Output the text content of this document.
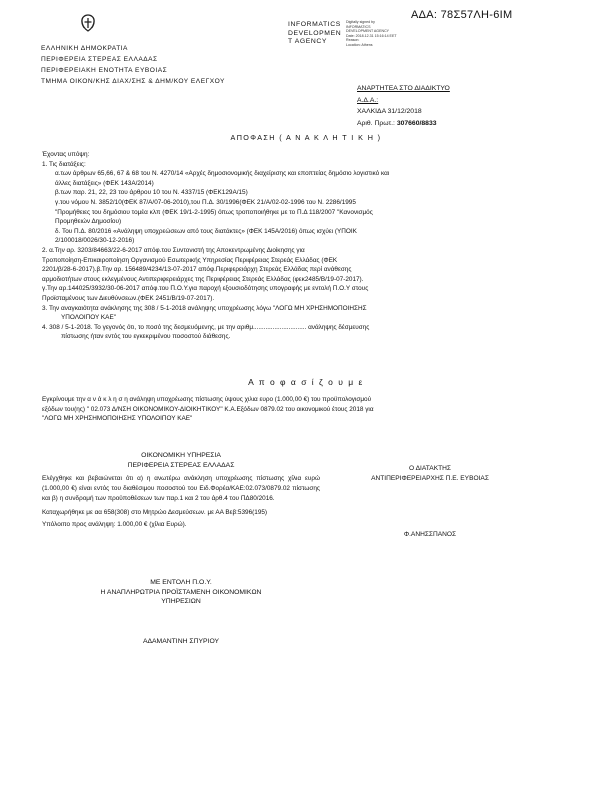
ΑΔΑ: 78Σ57ΛΗ-6ΙΜ
ΕΛΛΗΝΙΚΗ ΔΗΜΟΚΡΑΤΙΑ
ΠΕΡΙΦΕΡΕΙΑ ΣΤΕΡΕΑΣ ΕΛΛΑΔΑΣ
ΠΕΡΙΦΕΡΕΙΑΚΗ ΕΝΟΤΗΤΑ ΕΥΒΟΙΑΣ
ΤΜΗΜΑ ΟΙΚΟΝ/ΚΗΣ ΔΙΑΧ/ΣΗΣ & ΔΗΜ/ΚΟΥ ΕΛΕΓΧΟΥ
INFORMATICS
DEVELOPMEN
T AGENCY
Digitally signed by
INFORMATICS
DEVELOPMENT AGENCY
Date: 2018.12.31 15:16:14 EET
Reason:
Location: Athens
ΑΝΑΡΤΗΤΕΑ ΣΤΟ ΔΙΑΔΙΚΤΥΟ
Α.Δ.Α.:
ΧΑΛΚΙΔΑ 31/12/2018
Αριθ. Πρωτ.: 307660/8833
ΑΠΟΦΑΣΗ ( Α Ν Α Κ Λ Η Τ Ι Κ Η )

Έχοντας υπόψη:

1. Τις διατάξεις:

α.των άρθρων 65,66, 67 & 68 του Ν. 4270/14 «Αρχές δημοσιονομικής διαχείρισης και εποπτείας δημόσιο λογιστικό και

άλλες διατάξεις» (ΦΕΚ 143Α/2014)

β.των παρ. 21, 22, 23 του άρθρου 10 του Ν. 4337/15 (ΦΕΚ129Α/15)

γ.του νόμου Ν. 3852/10(ΦΕΚ 87/Α/07-06-2010),του Π.Δ. 30/1996(ΦΕΚ 21/Α/02-02-1996 του Ν. 2286/1995

"Προμήθειες του δημόσιου τομέα κλπ (ΦΕΚ 19/1-2-1995) όπως τροποποιήθηκε με το Π.Δ 118/2007 "Κανονισμός

Προμηθειών Δημοσίου)

δ. Του Π.Δ. 80/2016 «Ανάληψη υποχρεώσεων από τους διατάκτες» (ΦΕΚ 145Α/2016) όπως ισχύει (ΥΠΟΙΚ

2/100018/0026/30-12-2016)

2. α.Την αρ. 3203/84663/22-6-2017 απόφ.του Συντονιστή της Αποκεντρωμένης Διοίκησης για

Τροποποίηση-Επικαιροποίηση Οργανισμού Εσωτερικής Υπηρεσίας Περιφέρειας Στερεάς Ελλάδας (ΦΕΚ

2201/β/28-6-2017).β.Την αρ. 156489/4234/13-07-2017 απόφ.Περιφερειάρχη Στερεάς Ελλάδας περί ανάθεσης

αρμοδιοτήτων στους εκλεγμένους Αντιπεριφερειάρχες της Περιφέρειας Στερεάς Ελλάδας (φεκ2485/Β/19-07-2017).

γ.Την αρ.144025/3932/30-06-2017 απόφ.του Π.Ο.Υ.για παροχή εξουσιοδότησης υπογραφής με εντολή Π.Ο.Υ στους

Προϊσταμένους των Διευθύνσεων.(ΦΕΚ 2451/Β/19-07-2017).

3. Την αναγκαιότητα ανάκλησης της 308 / 5-1-2018 ανάληψης υποχρέωσης λόγω "ΛΟΓΩ ΜΗ ΧΡΗΣΗΜΟΠΟΙΗΣΗΣ

ΥΠΟΛΟΙΠΟΥ ΚΑΕ"

4. 308 / 5-1-2018. Το γεγονός ότι, το ποσό της δεσμευόμενης, με την αριθμ.............................. ανάληψης δέσμευσης

πίστωσης ήταν εντός του εγκεκριμένου ποσοστού διάθεσης.

Α π ο φ α σ ί ζ ο υ μ ε

Εγκρίνουμε την α ν ά κ λ η σ η ανάληψη υποχρέωσης πίστωσης ύψους χιλια ευρο (1.000,00 €) του προϋπολογισμού

εξόδων του(ης) " 02.073 Δ/ΝΣΗ ΟΙΚΟΝΟΜΙΚΟΥ-ΔΙΟΙΚΗΤΙΚΟΥ" Κ.Α.Εξόδων 0879.02 του οικονομικού έτους 2018 για

"ΛΟΓΩ ΜΗ ΧΡΗΣΗΜΟΠΟΙΗΣΗΣ ΥΠΟΛΟΙΠΟΥ ΚΑΕ"

ΟΙΚΟΝΟΜΙΚΗ ΥΠΗΡΕΣΙΑ
ΠΕΡΙΦΕΡΕΙΑ ΣΤΕΡΕΑΣ ΕΛΛΑΔΑΣ
Ελέγχθηκε και βεβαιώνεται ότι α) η ανωτέρω ανάκληση υποχρέωσης πίστωσης χίλια ευρώ (1.000,00 €) είναι εντός του διαθέσιμου ποσοστού του Ειδ.Φορέα/ΚΑΕ:02.073/0879.02 πίστωσης και β) η συνδρομή των προϋποθέσεων των παρ.1 και 2 του άρθ.4 του ΠΔ80/2016.
Καταχωρήθηκε με αα 658(308) στο Μητρώο Δεσμεύσεων. με ΑΑ Βεβ:5396(195)
Υπόλοιπο προς ανάληψη: 1.000,00 € (χίλια Ευρώ).
ΜΕ ΕΝΤΟΛΗ Π.Ο.Υ.
Η ΑΝΑΠΛΗΡΩΤΡΙΑ ΠΡΟΪΣΤΑΜΕΝΗ ΟΙΚΟΝΟΜΙΚΩΝ
ΥΠΗΡΕΣΙΩΝ
ΑΔΑΜΑΝΤΙΝΗ ΣΠΥΡΙΟΥ
Ο ΔΙΑΤΑΚΤΗΣ
ΑΝΤΙΠΕΡΙΦΕΡΕΙΑΡΧΗΣ Π.Ε. ΕΥΒΟΙΑΣ
Φ.ΑΝΗΣΣΠΑΝΟΣ
